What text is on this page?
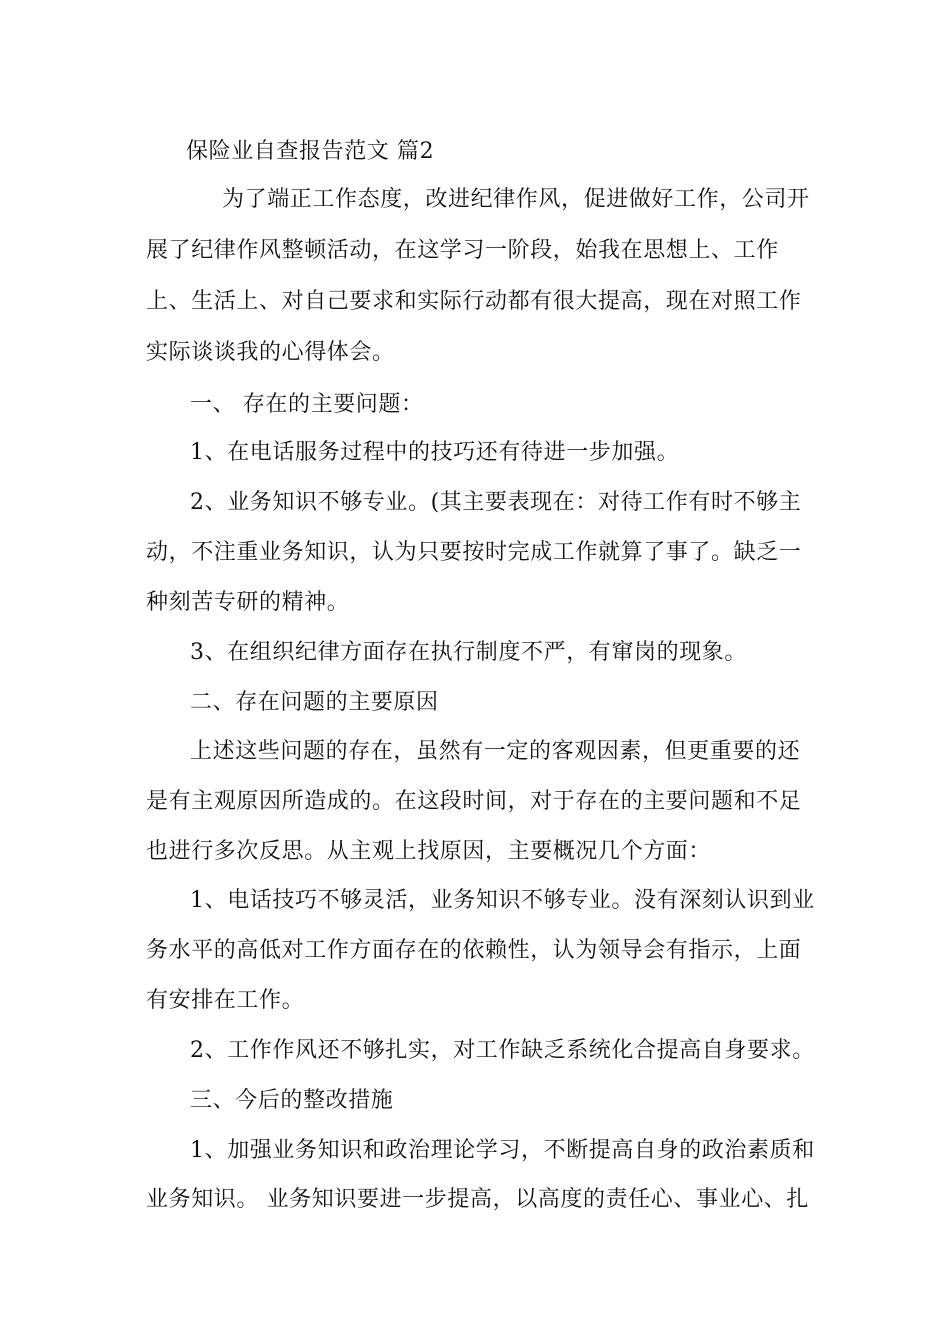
保险业自查报告范文 篇2
为了端正工作态度，改进纪律作风，促进做好工作，公司开
展了纪律作风整顿活动，在这学习一阶段，始我在思想上、工作
上、生活上、对自己要求和实际行动都有很大提高，现在对照工作
实际谈谈我的心得体会。
一、 存在的主要问题：
1、在电话服务过程中的技巧还有待进一步加强。
2、业务知识不够专业。(其主要表现在：对待工作有时不够主
动，不注重业务知识，认为只要按时完成工作就算了事了。缺乏一
种刻苦专研的精神。
3、在组织纪律方面存在执行制度不严，有窜岗的现象。
二、存在问题的主要原因
上述这些问题的存在，虽然有一定的客观因素，但更重要的还
是有主观原因所造成的。在这段时间，对于存在的主要问题和不足
也进行多次反思。从主观上找原因，主要概况几个方面：
1、电话技巧不够灵活，业务知识不够专业。没有深刻认识到业
务水平的高低对工作方面存在的依赖性，认为领导会有指示，上面
有安排在工作。
2、工作作风还不够扎实，对工作缺乏系统化合提高自身要求。
三、今后的整改措施
1、加强业务知识和政治理论学习，不断提高自身的政治素质和
业务知识。 业务知识要进一步提高，以高度的责任心、事业心、扎
